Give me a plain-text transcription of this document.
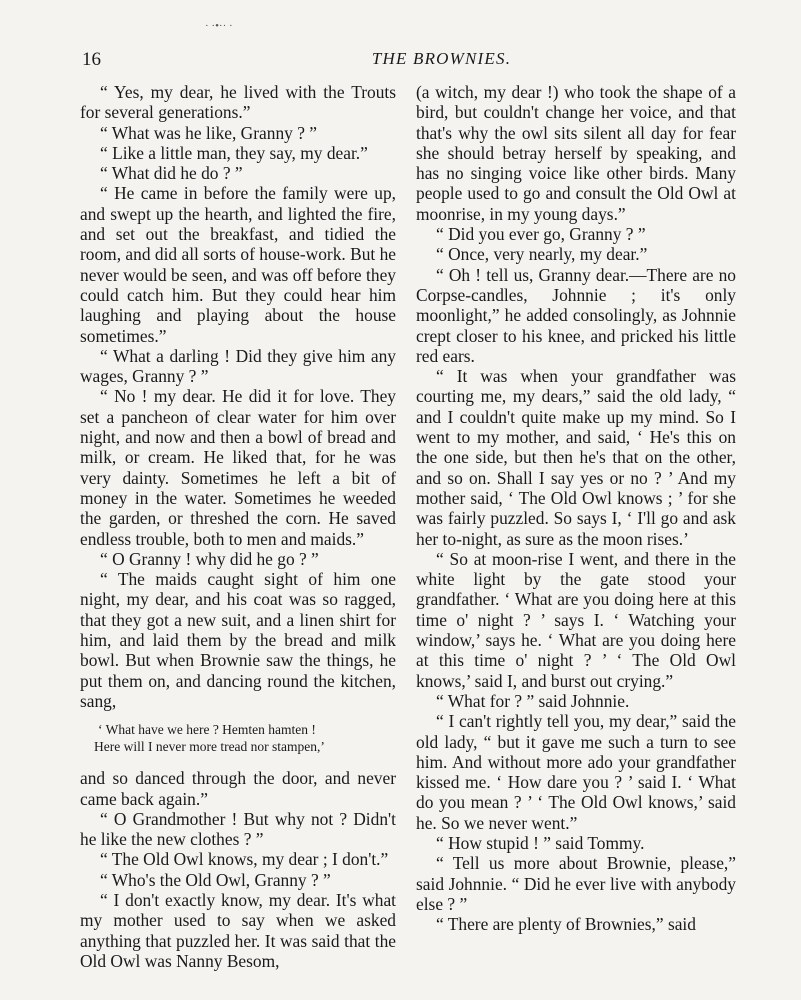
· ·•·· ·
16	THE BROWNIES.

“ Yes, my dear, he lived with the Trouts for several generations.”

“ What was he like, Granny ? ”

“ Like a little man, they say, my dear.”

“ What did he do ? ”

“ He came in before the family were up, and swept up the hearth, and lighted the fire, and set out the breakfast, and tidied the room, and did all sorts of house-work. But he never would be seen, and was off before they could catch him. But they could hear him laughing and playing about the house sometimes.”

“ What a darling ! Did they give him any wages, Granny ? ”

“ No ! my dear. He did it for love. They set a pancheon of clear water for him over night, and now and then a bowl of bread and milk, or cream. He liked that, for he was very dainty. Sometimes he left a bit of money in the water. Sometimes he weeded the garden, or threshed the corn. He saved endless trouble, both to men and maids.”

“ O Granny ! why did he go ? ”

“ The maids caught sight of him one night, my dear, and his coat was so ragged, that they got a new suit, and a linen shirt for him, and laid them by the bread and milk bowl. But when Brownie saw the things, he put them on, and dancing round the kitchen, sang,

‘ What have we here ? Hemten hamten !
Here will I never more tread nor stampen,’

and so danced through the door, and never came back again.”

“ O Grandmother ! But why not ? Didn't he like the new clothes ? ”

“ The Old Owl knows, my dear ; I don't.”

“ Who's the Old Owl, Granny ? ”

“ I don't exactly know, my dear. It's what my mother used to say when we asked anything that puzzled her. It was said that the Old Owl was Nanny Besom,

(a witch, my dear !) who took the shape of a bird, but couldn't change her voice, and that that's why the owl sits silent all day for fear she should betray herself by speaking, and has no singing voice like other birds. Many people used to go and consult the Old Owl at moonrise, in my young days.”

“ Did you ever go, Granny ? ”

“ Once, very nearly, my dear.”

“ Oh ! tell us, Granny dear.—There are no Corpse-candles, Johnnie ; it's only moonlight,” he added consolingly, as Johnnie crept closer to his knee, and pricked his little red ears.

“ It was when your grandfather was courting me, my dears,” said the old lady, “ and I couldn't quite make up my mind. So I went to my mother, and said, ‘ He's this on the one side, but then he's that on the other, and so on. Shall I say yes or no ? ’ And my mother said, ‘ The Old Owl knows ; ’ for she was fairly puzzled. So says I, ‘ I'll go and ask her to-night, as sure as the moon rises.’

“ So at moon-rise I went, and there in the white light by the gate stood your grandfather. ‘ What are you doing here at this time o' night ? ’ says I. ‘ Watching your window,’ says he. ‘ What are you doing here at this time o' night ? ’ ‘ The Old Owl knows,’ said I, and burst out crying.”

“ What for ? ” said Johnnie.

“ I can't rightly tell you, my dear,” said the old lady, “ but it gave me such a turn to see him. And without more ado your grandfather kissed me. ‘ How dare you ? ’ said I. ‘ What do you mean ? ’ ‘ The Old Owl knows,’ said he. So we never went.”

“ How stupid ! ” said Tommy.

“ Tell us more about Brownie, please,” said Johnnie. “ Did he ever live with anybody else ? ”

“ There are plenty of Brownies,” said
